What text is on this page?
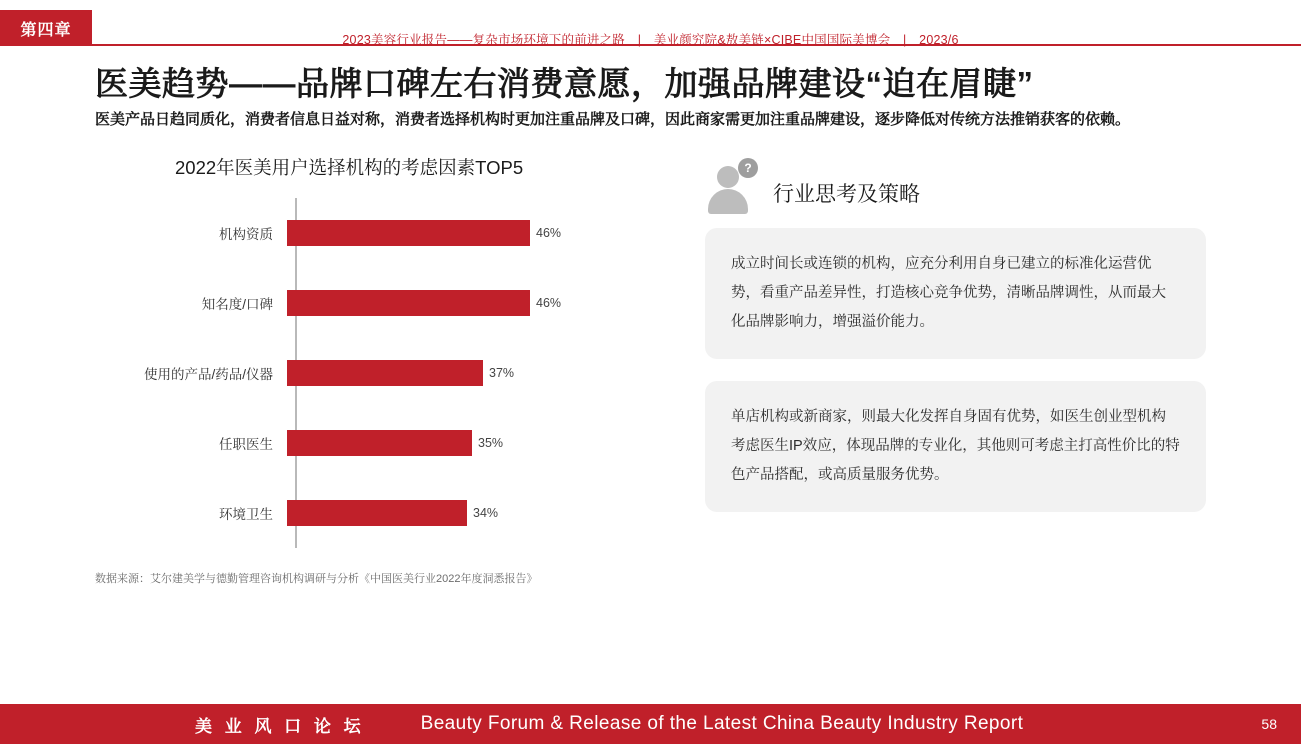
第四章
2023美容行业报告——复杂市场环境下的前进之路 | 美业颜究院&敖美链×CIBE中国国际美博会 | 2023/6
医美趋势——品牌口碑左右消费意愿，加强品牌建设“迫在眉睫”

医美产品日趋同质化，消费者信息日益对称，消费者选择机构时更加注重品牌及口碑，因此商家需更加注重品牌建设，逐步降低对传统方法推销获客的依赖。

2022年医美用户选择机构的考虑因素TOP5
机构资质	46%
知名度/口碑	46%
使用的产品/药品/仪器	37%
任职医生	35%
环境卫生	34%
数据来源：艾尔建美学与德勤管理咨询机构调研与分析《中国医美行业2022年度洞悉报告》
?
行业思考及策略
成立时间长或连锁的机构，应充分利用自身已建立的标准化运营优势，看重产品差异性，打造核心竞争优势，清晰品牌调性，从而最大化品牌影响力，增强溢价能力。
单店机构或新商家，则最大化发挥自身固有优势，如医生创业型机构考虑医生IP效应，体现品牌的专业化，其他则可考虑主打高性价比的特色产品搭配，或高质量服务优势。
美 业 风 口 论 坛	Beauty Forum & Release of the Latest China Beauty Industry Report	58
